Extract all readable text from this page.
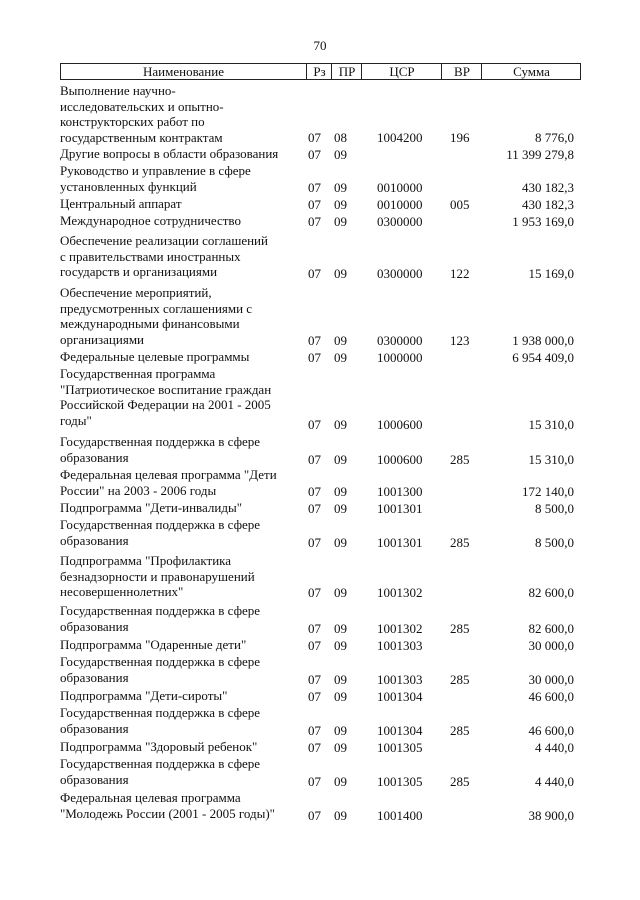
70
Наименование	Рз	ПР	ЦСР	ВР	Сумма
Выполнение научно-
исследовательских и опытно-
конструкторских работ по
государственным контрактам	07 08 1004200 196	8 776,0
Другие вопросы в области образования	07 09	11 399 279,8
Руководство и управление в сфере
установленных функций	07 09 0010000	430 182,3
Центральный аппарат	07 09 0010000 005	430 182,3
Международное сотрудничество	07 09 0300000	1 953 169,0
Обеспечение реализации соглашений
с правительствами иностранных
государств и организациями	07 09 0300000 122	15 169,0
Обеспечение мероприятий,
предусмотренных соглашениями с
международными финансовыми
организациями	07 09 0300000 123	1 938 000,0
Федеральные целевые программы	07 09 1000000	6 954 409,0
Государственная программа
"Патриотическое воспитание граждан
Российской Федерации на 2001 - 2005
годы"	07 09 1000600	15 310,0
Государственная поддержка в сфере
образования	07 09 1000600 285	15 310,0
Федеральная целевая программа "Дети
России" на 2003 - 2006 годы	07 09 1001300	172 140,0
Подпрограмма "Дети-инвалиды"	07 09 1001301	8 500,0
Государственная поддержка в сфере
образования	07 09 1001301 285	8 500,0
Подпрограмма "Профилактика
безнадзорности и правонарушений
несовершеннолетних"	07 09 1001302	82 600,0
Государственная поддержка в сфере
образования	07 09 1001302 285	82 600,0
Подпрограмма "Одаренные дети"	07 09 1001303	30 000,0
Государственная поддержка в сфере
образования	07 09 1001303 285	30 000,0
Подпрограмма "Дети-сироты"	07 09 1001304	46 600,0
Государственная поддержка в сфере
образования	07 09 1001304 285	46 600,0
Подпрограмма "Здоровый ребенок"	07 09 1001305	4 440,0
Государственная поддержка в сфере
образования	07 09 1001305 285	4 440,0
Федеральная целевая программа
"Молодежь России (2001 - 2005 годы)"	07 09 1001400	38 900,0
